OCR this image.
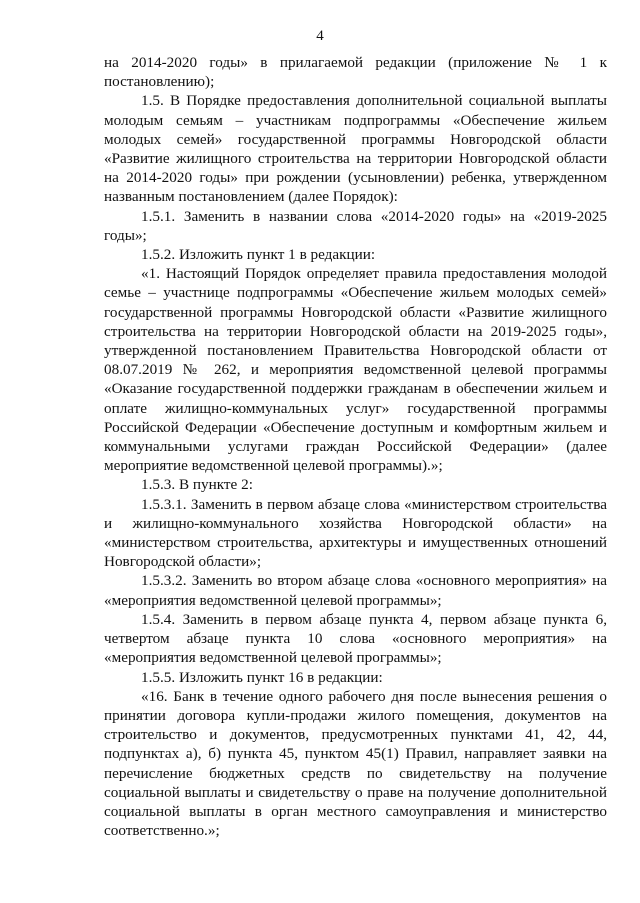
4

на 2014-2020 годы» в прилагаемой редакции (приложение № 1 к постановлению);

1.5. В Порядке предоставления дополнительной социальной выплаты молодым семьям – участникам подпрограммы «Обеспечение жильем молодых семей» государственной программы Новгородской области «Развитие жилищного строительства на территории Новгородской области на 2014-2020 годы» при рождении (усыновлении) ребенка, утвержденном названным постановлением (далее Порядок):

1.5.1. Заменить в названии слова «2014-2020 годы» на «2019-2025 годы»;

1.5.2. Изложить пункт 1 в редакции:

«1. Настоящий Порядок определяет правила предоставления молодой семье – участнице подпрограммы «Обеспечение жильем молодых семей» государственной программы Новгородской области «Развитие жилищного строительства на территории Новгородской области на 2019-2025 годы», утвержденной постановлением Правительства Новгородской области от 08.07.2019 № 262, и мероприятия ведомственной целевой программы «Оказание государственной поддержки гражданам в обеспечении жильем и оплате жилищно-коммунальных услуг» государственной программы Российской Федерации «Обеспечение доступным и комфортным жильем и коммунальными услугами граждан Российской Федерации» (далее мероприятие ведомственной целевой программы).»;

1.5.3. В пункте 2:

1.5.3.1. Заменить в первом абзаце слова «министерством строительства и жилищно-коммунального хозяйства Новгородской области» на «министерством строительства, архитектуры и имущественных отношений Новгородской области»;

1.5.3.2. Заменить во втором абзаце слова «основного мероприятия» на «мероприятия ведомственной целевой программы»;

1.5.4. Заменить в первом абзаце пункта 4, первом абзаце пункта 6, четвертом абзаце пункта 10 слова «основного мероприятия» на «мероприятия ведомственной целевой программы»;

1.5.5. Изложить пункт 16 в редакции:

«16. Банк в течение одного рабочего дня после вынесения решения о принятии договора купли-продажи жилого помещения, документов на строительство и документов, предусмотренных пунктами 41, 42, 44, подпунктах а), б) пункта 45, пунктом 45(1) Правил, направляет заявки на перечисление бюджетных средств по свидетельству на получение социальной выплаты и свидетельству о праве на получение дополнительной социальной выплаты в орган местного самоуправления и министерство соответственно.»;
